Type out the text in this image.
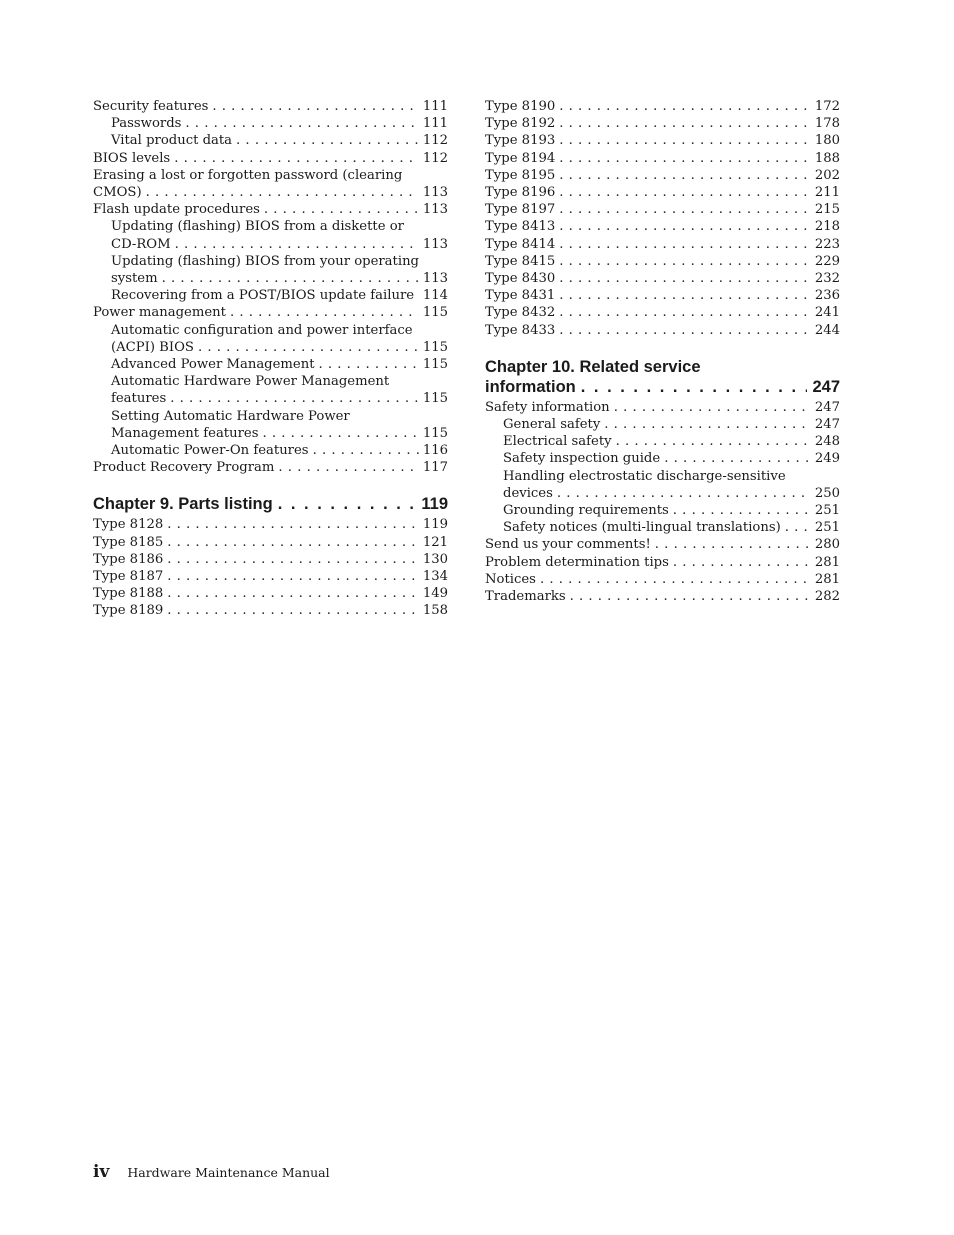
Security features . . .	111
Passwords . . .	111
Vital product data . . .	112
BIOS levels . . .	112
Erasing a lost or forgotten password (clearing
CMOS) . . .	113
Flash update procedures . . .	113
Updating (flashing) BIOS from a diskette or
CD-ROM . . .	113
Updating (flashing) BIOS from your operating
system . . .	113
Recovering from a POST/BIOS update failure 114
Power management . . .	115
Automatic configuration and power interface
(ACPI) BIOS . . .	115
Advanced Power Management . . .	115
Automatic Hardware Power Management
features . . .	115
Setting Automatic Hardware Power
Management features . . .	115
Automatic Power-On features . . .	116
Product Recovery Program . . .	117
Chapter 9. Parts listing . . .	119
Type 8128 . . .	119
Type 8185 . . .	121
Type 8186 . . .	130
Type 8187 . . .	134
Type 8188 . . .	149
Type 8189 . . .	158
Type 8190 . . .	172
Type 8192 . . .	178
Type 8193 . . .	180
Type 8194 . . .	188
Type 8195 . . .	202
Type 8196 . . .	211
Type 8197 . . .	215
Type 8413 . . .	218
Type 8414 . . .	223
Type 8415 . . .	229
Type 8430 . . .	232
Type 8431 . . .	236
Type 8432 . . .	241
Type 8433 . . .	244
Chapter 10. Related service
information . . .	247
Safety information . . .	247
General safety . . .	247
Electrical safety . . .	248
Safety inspection guide . . .	249
Handling electrostatic discharge-sensitive
devices . . .	250
Grounding requirements . . .	251
Safety notices (multi-lingual translations) . . .	251
Send us your comments! . . .	280
Problem determination tips . . .	281
Notices . . .	281
Trademarks . . .	282
iv Hardware Maintenance Manual
